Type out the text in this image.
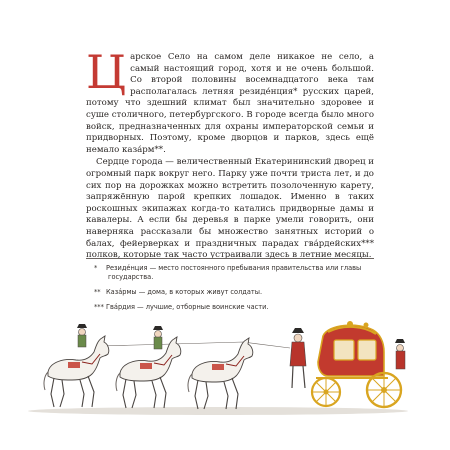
Царское Село на самом деле никакое не село, а самый настоящий город, хотя и не очень большой. Со второй половины восемнадцатого века там располагалась летняя резиде́нция* русских царей, потому что здешний климат был значительно здоровее и суше столичного, петербургского. В городе всегда было много войск, предназначенных для охраны императорской семьи и придворных. Поэтому, кроме дворцов и парков, здесь ещё немало каза́рм**.

Сердце города — величественный Екатерининский дворец и огромный парк вокруг него. Парку уже почти триста лет, и до сих пор на дорожках можно встретить позолоченную карету, запряжённую парой крепких лошадок. Именно в таких роскошных экипажах когда-то катались придворные дамы и кавалеры. А если бы деревья в парке умели говорить, они наверняка рассказали бы множество занятных историй о балах, фейерверках и праздничных парадах гва́рдейских*** полков, которые так часто устраивали здесь в летние месяцы.

* Резиде́нция — место постоянного пребывания правительства или главы государства.

** Каза́рмы — дома, в которых живут солдаты.

*** Гва́рдия — лучшие, отборные воинские части.
